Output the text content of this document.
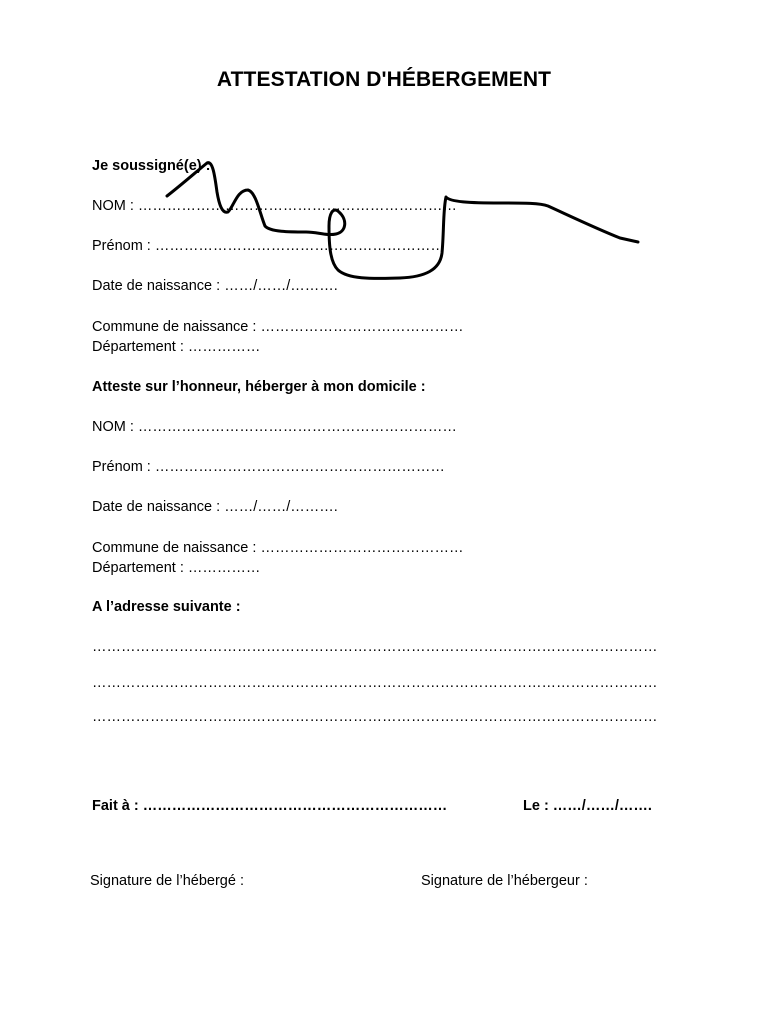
ATTESTATION D'HÉBERGEMENT
Je soussigné(e) :
NOM : …………………………………………………………
Prénom : ……………………………………………………
Date de naissance : ……/……/……….
Commune de naissance : ……………………………………
Département : ……………
Atteste sur l’honneur, héberger à mon domicile :
NOM : …………………………………………………………
Prénom : ……………………………………………………
Date de naissance : ……/……/……….
Commune de naissance : ……………………………………
Département : ……………
A l’adresse suivante :
………………………………………………………………………………………………………
………………………………………………………………………………………………………
………………………………………………………………………………………………………
Fait à : ………………………………………………………	Le : ……/……/…….
Signature de l’hébergé :	Signature de l’hébergeur :
